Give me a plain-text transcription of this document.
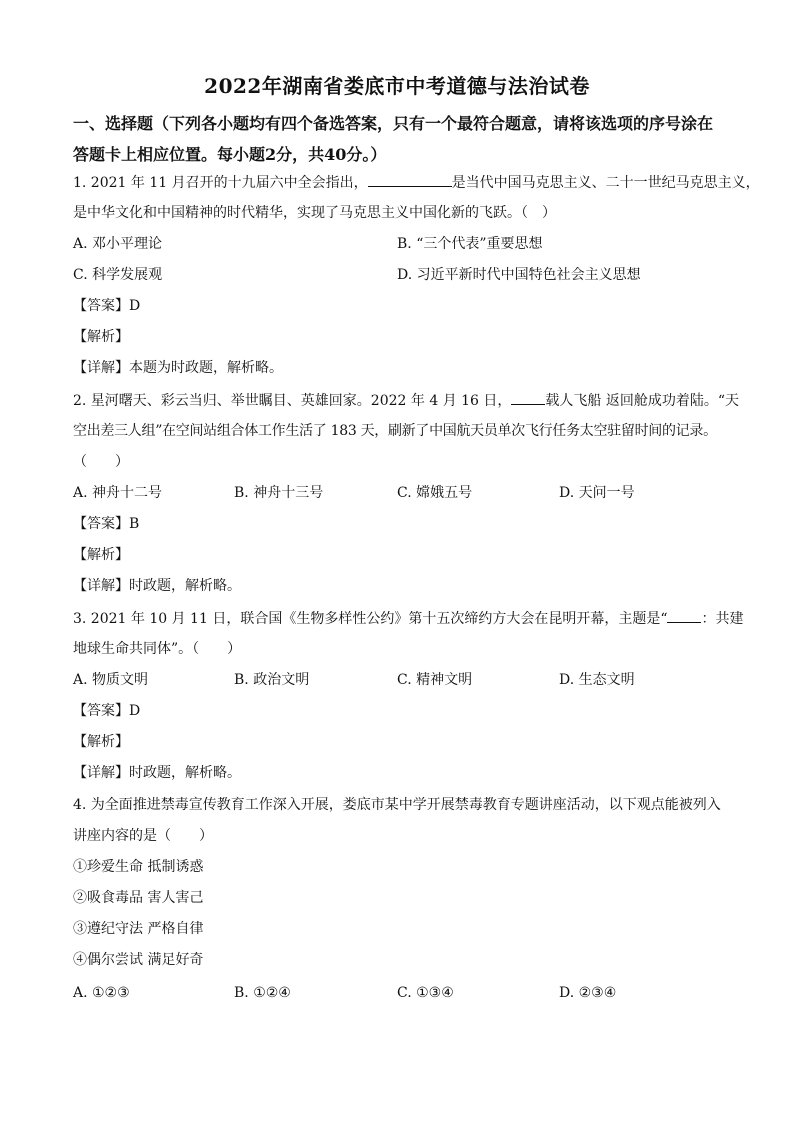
2022年湖南省娄底市中考道德与法治试卷
一、选择题（下列各小题均有四个备选答案，只有一个最符合题意，请将该选项的序号涂在
答题卡上相应位置。每小题2分，共40分。）
1. 2021 年 11 月召开的十九届六中全会指出，	是当代中国马克思主义、二十一世纪马克思主义，
是中华文化和中国精神的时代精华，实现了马克思主义中国化新的飞跃。（　）
A. 邓小平理论	B. “三个代表”重要思想
C. 科学发展观	D. 习近平新时代中国特色社会主义思想
【答案】D
【解析】
【详解】本题为时政题，解析略。
2. 星河曙天、彩云当归、举世瞩目、英雄回家。2022 年 4 月 16 日， 载人飞船 返回舱成功着陆。“天
空出差三人组”在空间站组合体工作生活了 183 天，刷新了中国航天员单次飞行任务太空驻留时间的记录。
（　　）
A. 神舟十二号	B. 神舟十三号	C. 嫦娥五号	D. 天问一号
【答案】B
【解析】
【详解】时政题，解析略。
3. 2021 年 10 月 11 日，联合国《生物多样性公约》第十五次缔约方大会在昆明开幕，主题是“ ：共建
地球生命共同体”。（　　）
A. 物质文明	B. 政治文明	C. 精神文明	D. 生态文明
【答案】D
【解析】
【详解】时政题，解析略。
4. 为全面推进禁毒宣传教育工作深入开展，娄底市某中学开展禁毒教育专题讲座活动，以下观点能被列入
讲座内容的是（　　）
①珍爱生命 抵制诱惑
②吸食毒品 害人害己
③遵纪守法 严格自律
④偶尔尝试 满足好奇
A. ①②③	B. ①②④	C. ①③④	D. ②③④
